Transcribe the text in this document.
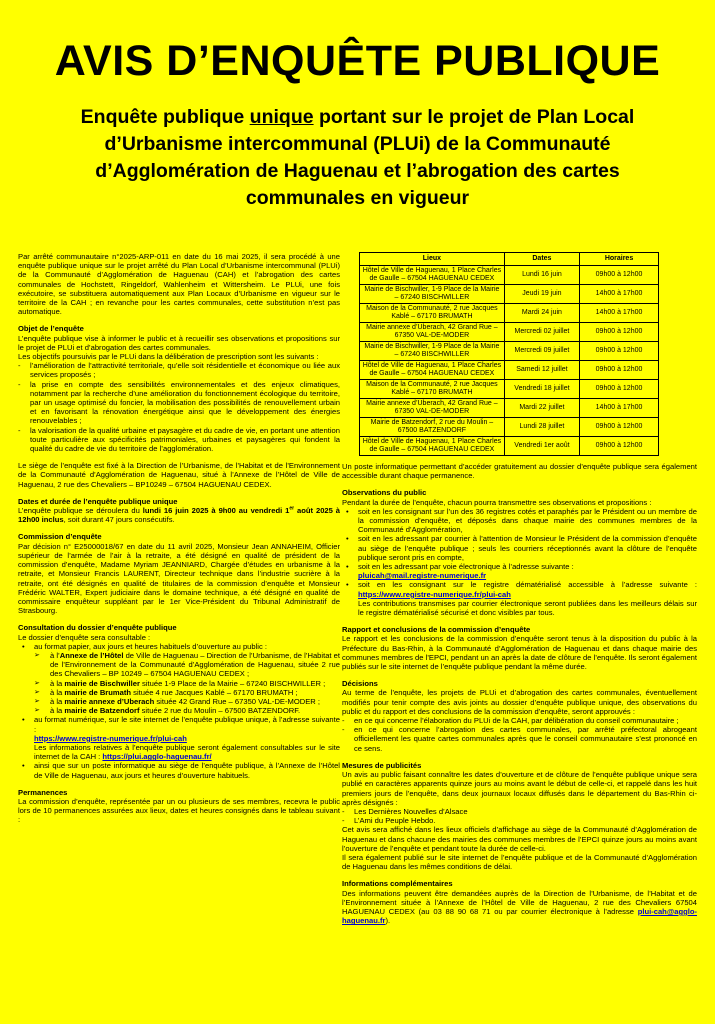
AVIS D’ENQUÊTE PUBLIQUE
Enquête publique unique portant sur le projet de Plan Local d’Urbanisme intercommunal (PLUi) de la Communauté d’Agglomération de Haguenau et l’abrogation des cartes communales en vigueur

Par arrêté communautaire n°2025-ARP-011 en date du 16 mai 2025, il sera procédé à une enquête publique unique sur le projet arrêté du Plan Local d’Urbanisme intercommunal (PLUi) de la Communauté d’Agglomération de Haguenau (CAH) et l’abrogation des cartes communales de Hochstett, Ringeldorf, Wahlenheim et Wittersheim. Le PLUi, une fois exécutoire, se substituera automatiquement aux Plan Locaux d’Urbanisme en vigueur sur le territoire de la CAH ; en revanche pour les cartes communales, cette substitution n’est pas automatique.

Objet de l’enquête
L’enquête publique vise à informer le public et à recueillir ses observations et propositions sur le projet de PLUi et d’abrogation des cartes communales.
Les objectifs poursuivis par le PLUi dans la délibération de prescription sont les suivants :
- l’amélioration de l’attractivité territoriale, qu’elle soit résidentielle et économique ou liée aux services proposés ;
- la prise en compte des sensibilités environnementales et des enjeux climatiques, notamment par la recherche d’une amélioration du fonctionnement écologique du territoire, par un usage optimisé du foncier, la mobilisation des possibilités de renouvellement urbain et en favorisant la rénovation énergétique ainsi que le développement des énergies renouvelables ;
- la valorisation de la qualité urbaine et paysagère et du cadre de vie, en portant une attention toute particulière aux spécificités patrimoniales, urbaines et paysagères qui fondent la qualité du cadre de vie du territoire de l’agglomération.

Le siège de l’enquête est fixé à la Direction de l’Urbanisme, de l’Habitat et de l’Environnement de la Communauté d’Agglomération de Haguenau, situé à l’Annexe de l’Hôtel de Ville de Haguenau, 2 rue des Chevaliers – BP10249 – 67504 HAGUENAU CEDEX.

Dates et durée de l’enquête publique unique
L’enquête publique se déroulera du lundi 16 juin 2025 à 9h00 au vendredi 1er août 2025 à 12h00 inclus, soit durant 47 jours consécutifs.
Commission d’enquête
Par décision n° E25000018/67 en date du 11 avril 2025, Monsieur Jean ANNAHEIM, Officier supérieur de l’armée de l’air à la retraite, a été désigné en qualité de président de la commission d’enquête, Madame Myriam JEANNIARD, Chargée d’études en urbanisme à la retraite, et Monsieur Francis LAURENT, Directeur technique dans l’industrie sucrière à la retraite, ont été désignés en qualité de titulaires de la commission d’enquête et Monsieur Frédéric WALTER, Expert judiciaire dans le domaine technique, a été désigné en qualité de commissaire enquêteur suppléant par le 1er Vice-Président du Tribunal Administratif de Strasbourg.
Consultation du dossier d’enquête publique
Le dossier d’enquête sera consultable :
• au format papier, aux jours et heures habituels d’ouverture au public :
➢ à l’Annexe de l’Hôtel de Ville de Haguenau – Direction de l’Urbanisme, de l’Habitat et de l’Environnement de la Communauté d’Agglomération de Haguenau, située 2 rue des Chevaliers – BP 10249 – 67504 HAGUENAU CEDEX ;
➢ à la mairie de Bischwiller située 1-9 Place de la Mairie – 67240 BISCHWILLER ;
➢ à la mairie de Brumath située 4 rue Jacques Kablé – 67170 BRUMATH ;
➢ à la mairie annexe d’Uberach située 42 Grand Rue – 67350 VAL-DE-MODER ;
➢ à la mairie de Batzendorf située 2 rue du Moulin – 67500 BATZENDORF.
• au format numérique, sur le site internet de l’enquête publique unique, à l’adresse suivante :
https://www.registre-numerique.fr/plui-cah
Les informations relatives à l’enquête publique seront également consultables sur le site internet de la CAH : https://plui.agglo-haguenau.fr/
• ainsi que sur un poste informatique au siège de l’enquête publique, à l’Annexe de l’Hôtel de Ville de Haguenau, aux jours et heures d’ouverture habituels.
Permanences
La commission d’enquête, représentée par un ou plusieurs de ses membres, recevra le public lors de 10 permanences assurées aux lieux, dates et heures consignés dans le tableau suivant :
Lieux	Dates	Horaires
Hôtel de Ville de Haguenau, 1 Place Charles de Gaulle – 67504 HAGUENAU CEDEX	Lundi 16 juin	09h00 à 12h00
Mairie de Bischwiller, 1-9 Place de la Mairie – 67240 BISCHWILLER	Jeudi 19 juin	14h00 à 17h00
Maison de la Communauté, 2 rue Jacques Kablé – 67170 BRUMATH	Mardi 24 juin	14h00 à 17h00
Mairie annexe d’Uberach, 42 Grand Rue – 67350 VAL-DE-MODER	Mercredi 02 juillet	09h00 à 12h00
Mairie de Bischwiller, 1-9 Place de la Mairie – 67240 BISCHWILLER	Mercredi 09 juillet	09h00 à 12h00
Hôtel de Ville de Haguenau, 1 Place Charles de Gaulle – 67504 HAGUENAU CEDEX	Samedi 12 juillet	09h00 à 12h00
Maison de la Communauté, 2 rue Jacques Kablé – 67170 BRUMATH	Vendredi 18 juillet	09h00 à 12h00
Mairie annexe d’Uberach, 42 Grand Rue – 67350 VAL-DE-MODER	Mardi 22 juillet	14h00 à 17h00
Mairie de Batzendorf, 2 rue du Moulin – 67500 BATZENDORF	Lundi 28 juillet	09h00 à 12h00
Hôtel de Ville de Haguenau, 1 Place Charles de Gaulle – 67504 HAGUENAU CEDEX	Vendredi 1er août	09h00 à 12h00

Un poste informatique permettant d’accéder gratuitement au dossier d’enquête publique sera également accessible durant chaque permanence.

Observations du public
Pendant la durée de l’enquête, chacun pourra transmettre ses observations et propositions :
• soit en les consignant sur l’un des 36 registres cotés et paraphés par le Président ou un membre de la commission d’enquête, et déposés dans chaque mairie des communes membres de la Communauté d’Agglomération,
• soit en les adressant par courrier à l’attention de Monsieur le Président de la commission d’enquête au siège de l’enquête publique ; seuls les courriers réceptionnés avant la clôture de l’enquête publique seront pris en compte,
• soit en les adressant par voie électronique à l’adresse suivante :
pluicah@mail.registre-numerique.fr
• soit en les consignant sur le registre dématérialisé accessible à l’adresse suivante : https://www.registre-numerique.fr/plui-cah
Les contributions transmises par courrier électronique seront publiées dans les meilleurs délais sur le registre dématérialisé sécurisé et donc visibles par tous.
Rapport et conclusions de la commission d’enquête
Le rapport et les conclusions de la commission d’enquête seront tenus à la disposition du public à la Préfecture du Bas-Rhin, à la Communauté d’Agglomération de Haguenau et dans chaque mairie des communes membres de l’EPCI, pendant un an après la date de clôture de l’enquête. Ils seront également publiés sur le site internet de l’enquête publique pendant la même durée.
Décisions
Au terme de l’enquête, les projets de PLUi et d’abrogation des cartes communales, éventuellement modifiés pour tenir compte des avis joints au dossier d’enquête publique unique, des observations du public et du rapport et des conclusions de la commission d’enquête, seront approuvés :
- en ce qui concerne l’élaboration du PLUi de la CAH, par délibération du conseil communautaire ;
- en ce qui concerne l’abrogation des cartes communales, par arrêté préfectoral abrogeant officiellement les quatre cartes communales après que le conseil communautaire s’est prononcé en ce sens.
Mesures de publicités
Un avis au public faisant connaître les dates d’ouverture et de clôture de l’enquête publique unique sera publié en caractères apparents quinze jours au moins avant le début de celle-ci, et rappelé dans les huit premiers jours de l’enquête, dans deux journaux locaux diffusés dans le département du Bas-Rhin ci-après désignés :
- Les Dernières Nouvelles d’Alsace
- L’Ami du Peuple Hebdo.
Cet avis sera affiché dans les lieux officiels d’affichage au siège de la Communauté d’Agglomération de Haguenau et dans chacune des mairies des communes membres de l’EPCI quinze jours au moins avant l’ouverture de l’enquête et pendant toute la durée de celle-ci.
Il sera également publié sur le site internet de l’enquête publique et de la Communauté d’Agglomération de Haguenau dans les mêmes conditions de délai.
Informations complémentaires
Des informations peuvent être demandées auprès de la Direction de l’Urbanisme, de l’Habitat et de l’Environnement située à l’Annexe de l’Hôtel de Ville de Haguenau, 2 rue des Chevaliers 67504 HAGUENAU CEDEX (au 03 88 90 68 71 ou par courrier électronique à l’adresse plui-cah@agglo-haguenau.fr).
